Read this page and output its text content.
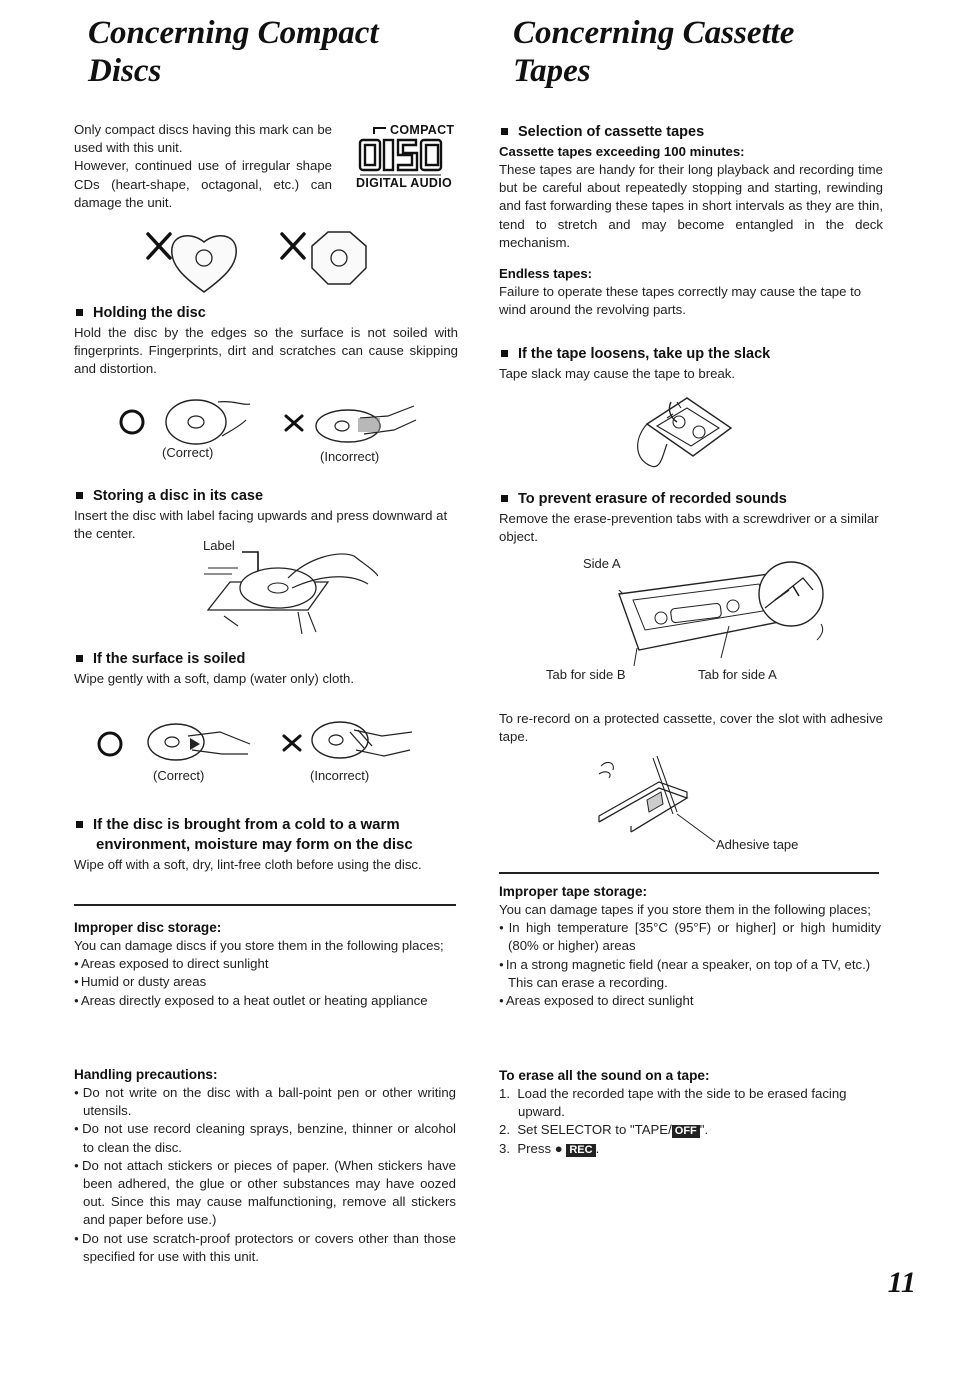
Concerning Compact
Discs

Only compact discs having this mark can be used with this unit.
However, continued use of irregular shape CDs (heart-shape, octagonal, etc.) can damage the unit.

COMPACT
DIGITAL AUDIO
Holding the disc

Hold the disc by the edges so the surface is not soiled with fingerprints. Fingerprints, dirt and scratches can cause skipping and distortion.

(Correct)	(Incorrect)
Storing a disc in its case

Insert the disc with label facing upwards and press downward at the center.

Label
If the surface is soiled

Wipe gently with a soft, damp (water only) cloth.

(Correct)	(Incorrect)
If the disc is brought from a cold to a warm environment, moisture may form on the disc

Wipe off with a soft, dry, lint-free cloth before using the disc.

Improper disc storage:

You can damage discs if you store them in the following places;

● Areas exposed to direct sunlight
● Humid or dusty areas
● Areas directly exposed to a heat outlet or heating appliance
Handling precautions:
● Do not write on the disc with a ball-point pen or other writing utensils.
● Do not use record cleaning sprays, benzine, thinner or alcohol to clean the disc.
● Do not attach stickers or pieces of paper. (When stickers have been adhered, the glue or other substances may have oozed out. Since this may cause malfunctioning, remove all stickers and paper before use.)
● Do not use scratch-proof protectors or covers other than those specified for use with this unit.
Concerning Cassette
Tapes
Selection of cassette tapes
Cassette tapes exceeding 100 minutes:

These tapes are handy for their long playback and recording time but be careful about repeatedly stopping and starting, rewinding and fast forwarding these tapes in short intervals as they are thin, tend to stretch and may become entangled in the deck mechanism.

Endless tapes:

Failure to operate these tapes correctly may cause the tape to wind around the revolving parts.

If the tape loosens, take up the slack

Tape slack may cause the tape to break.

To prevent erasure of recorded sounds

Remove the erase-prevention tabs with a screwdriver or a similar object.

Side A
Tab for side B	Tab for side A

To re-record on a protected cassette, cover the slot with adhesive tape.

Adhesive tape
Improper tape storage:

You can damage tapes if you store them in the following places;

● In high temperature [35°C (95°F) or higher] or high humidity (80% or higher) areas
● In a strong magnetic field (near a speaker, on top of a TV, etc.)

This can erase a recording.

● Areas exposed to direct sunlight
To erase all the sound on a tape:
1.  Load the recorded tape with the side to be erased facing upward.
2.  Set SELECTOR to "TAPE/ OFF ".
3.  Press ● REC .
11
